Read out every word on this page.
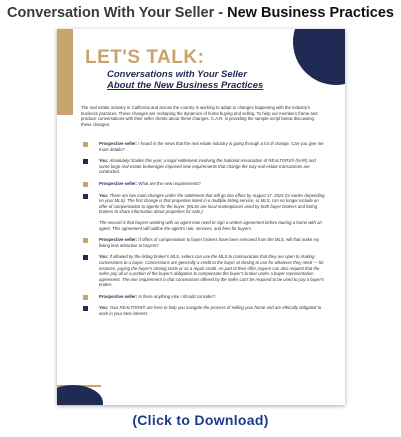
Conversation With Your Seller - New Business Practices
LET'S TALK:
Conversations with Your Seller
About the New Business Practices
The real estate industry in California and across the country is working to adapt to changes happening with the industry's business practices. These changes are reshaping the dynamics of home buying and selling. To help our members frame and produce conversations with their seller clients about these changes, C.A.R. is providing the sample script below discussing these changes:
Prospective seller: I heard in the news that the real estate industry is going through a lot of change. Can you give me more details?
You: Absolutely! Earlier this year, a legal settlement involving the National Association of REALTORS® (NAR) and some large real estate brokerages imposed new requirements that change the way real estate transactions are conducted.
Prospective seller: What are the new requirements?
You: There are two main changes under the settlement that will go into effect by August 17, 2024 (or earlier depending on your MLS). The first change is that properties listed in a multiple listing service, or MLS, can no longer include an offer of compensation to agents for the buyer. (MLSs are local marketplaces used by both buyer brokers and listing brokers to share information about properties for sale.)
The second is that buyers working with an agent now need to sign a written agreement before touring a home with an agent. This agreement will outline the agent's role, services, and fees for buyers.
Prospective seller: If offers of compensation to buyer brokers have been removed from the MLS, will that make my listing less attractive to buyers?
You: If allowed by the listing broker's MLS, sellers can use the MLS to communicate that they are open to making concessions to a buyer. Concessions are generally a credit to the buyer at closing to use for whatever they need — for instance, paying the buyer's closing costs or as a repair credit. As part of their offer, buyers can also request that the seller pay all or a portion of the buyer's obligation to compensate the buyer's broker under a buyer representation agreement. The one requirement is that concessions offered by the seller can't be required to be used to pay a buyer's broker.
Prospective seller: Is there anything else I should consider?
You: Your REALTORS® are here to help you navigate the process of selling your home and are ethically obligated to work in your best interest.
(Click to Download)
